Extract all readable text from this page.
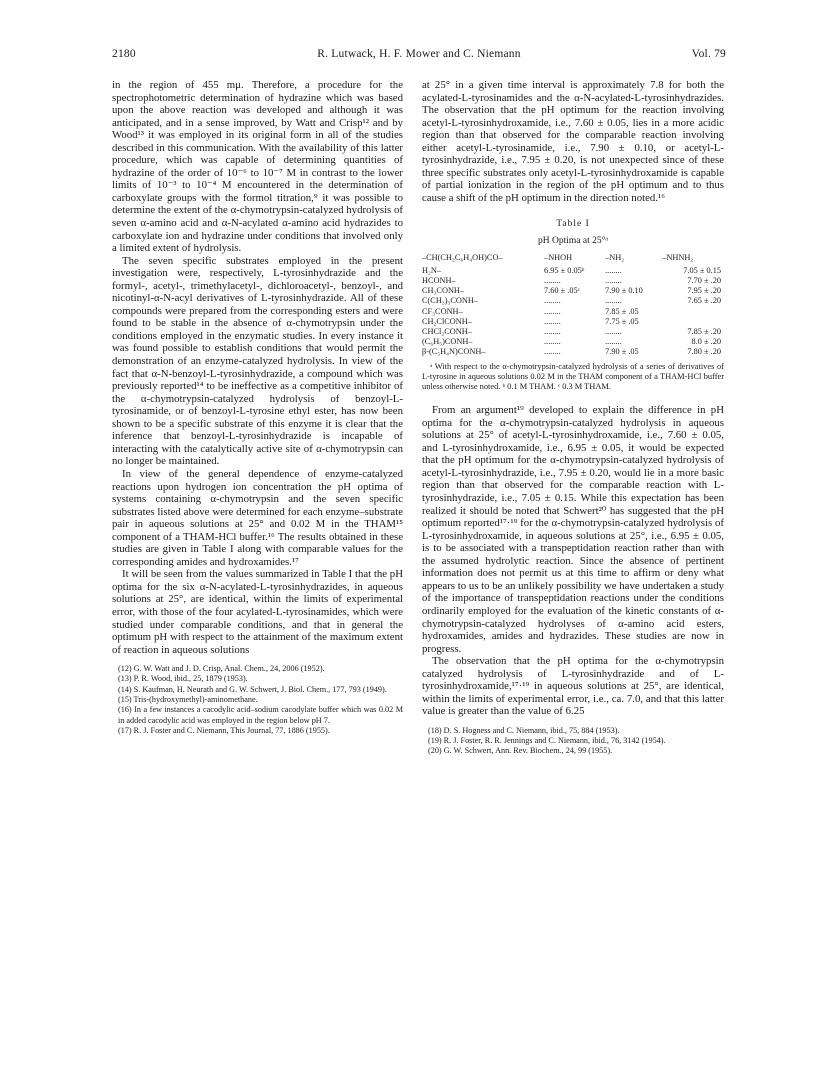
2180	R. Lutwack, H. F. Mower and C. Niemann	Vol. 79

in the region of 455 mμ. Therefore, a procedure for the spectrophotometric determination of hydrazine which was based upon the above reaction was developed and although it was anticipated, and in a sense improved, by Watt and Crisp¹² and by Wood¹³ it was employed in its original form in all of the studies described in this communication. With the availability of this latter procedure, which was capable of determining quantities of hydrazine of the order of 10⁻⁶ to 10⁻⁷ M in contrast to the lower limits of 10⁻³ to 10⁻⁴ M encountered in the determination of carboxylate groups with the formol titration,⁹ it was possible to determine the extent of the α-chymotrypsin-catalyzed hydrolysis of seven α-amino acid and α-N-acylated α-amino acid hydrazides to carboxylate ion and hydrazine under conditions that involved only a limited extent of hydrolysis.

The seven specific substrates employed in the present investigation were, respectively, L-tyrosinhydrazide and the formyl-, acetyl-, trimethylacetyl-, dichloroacetyl-, benzoyl-, and nicotinyl-α-N-acyl derivatives of L-tyrosinhydrazide. All of these compounds were prepared from the corresponding esters and were found to be stable in the absence of α-chymotrypsin under the conditions employed in the enzymatic studies. In every instance it was found possible to establish conditions that would permit the demonstration of an enzyme-catalyzed hydrolysis. In view of the fact that α-N-benzoyl-L-tyrosinhydrazide, a compound which was previously reported¹⁴ to be ineffective as a competitive inhibitor of the α-chymotrypsin-catalyzed hydrolysis of benzoyl-L-tyrosinamide, or of benzoyl-L-tyrosine ethyl ester, has now been shown to be a specific substrate of this enzyme it is clear that the inference that benzoyl-L-tyrosinhydrazide is incapable of interacting with the catalytically active site of α-chymotrypsin can no longer be maintained.

In view of the general dependence of enzyme-catalyzed reactions upon hydrogen ion concentration the pH optima of systems containing α-chymotrypsin and the seven specific substrates listed above were determined for each enzyme–substrate pair in aqueous solutions at 25° and 0.02 M in the THAM¹⁵ component of a THAM-HCl buffer.¹⁶ The results obtained in these studies are given in Table I along with comparable values for the corresponding amides and hydroxamides.¹⁷

It will be seen from the values summarized in Table I that the pH optima for the six α-N-acylated-L-tyrosinhydrazides, in aqueous solutions at 25°, are identical, within the limits of experimental error, with those of the four acylated-L-tyrosinamides, which were studied under comparable conditions, and that in general the optimum pH with respect to the attainment of the maximum extent of reaction in aqueous solutions

(12) G. W. Watt and J. D. Crisp, Anal. Chem., 24, 2006 (1952).
(13) P. R. Wood, ibid., 25, 1879 (1953).
(14) S. Kaufman, H. Neurath and G. W. Schwert, J. Biol. Chem., 177, 793 (1949).
(15) Tris-(hydroxymethyl)-aminomethane.
(16) In a few instances a cacodylic acid–sodium cacodylate buffer which was 0.02 M in added cacodylic acid was employed in the region below pH 7.
(17) R. J. Foster and C. Niemann, This Journal, 77, 1886 (1955).

at 25° in a given time interval is approximately 7.8 for both the acylated-L-tyrosinamides and the α-N-acylated-L-tyrosinhydrazides. The observation that the pH optimum for the reaction involving acetyl-L-tyrosinhydroxamide, i.e., 7.60 ± 0.05, lies in a more acidic region than that observed for the comparable reaction involving either acetyl-L-tyrosinamide, i.e., 7.90 ± 0.10, or acetyl-L-tyrosinhydrazide, i.e., 7.95 ± 0.20, is not unexpected since of these three specific substrates only acetyl-L-tyrosinhydroxamide is capable of partial ionization in the region of the pH optimum and to thus cause a shift of the pH optimum in the direction noted.¹⁶

Table I
pH Optima at 25°ᵃ
–CH(CH₂C₆H₄OH)CO–	–NHOH	–NH₂	–NHNH₂
H₂N–	6.95 ± 0.05ᵇ	........	7.05 ± 0.15
HCONH–	........	........	7.70 ± .20
CH₃CONH–	7.60 ± .05ᶜ	7.90 ± 0.10	7.95 ± .20
C(CH₃)₃CONH–	........	........	7.65 ± .20
CF₃CONH–	........	7.85 ± .05	
CH₂ClCONH–	........	7.75 ± .05	
CHCl₂CONH–	........	........	7.85 ± .20
(C₆H₅)CONH–	........	........	8.0 ± .20
β-(C₅H₄N)CONH–	........	7.90 ± .05	7.80 ± .20
ᵃ With respect to the α-chymotrypsin-catalyzed hydrolysis of a series of derivatives of L-tyrosine in aqueous solutions 0.02 M in the THAM component of a THAM-HCl buffer unless otherwise noted. ᵇ 0.1 M THAM. ᶜ 0.3 M THAM.

From an argument¹⁹ developed to explain the difference in pH optima for the α-chymotrypsin-catalyzed hydrolysis in aqueous solutions at 25° of acetyl-L-tyrosinhydroxamide, i.e., 7.60 ± 0.05, and L-tyrosinhydroxamide, i.e., 6.95 ± 0.05, it would be expected that the pH optimum for the α-chymotrypsin-catalyzed hydrolysis of acetyl-L-tyrosinhydrazide, i.e., 7.95 ± 0.20, would lie in a more basic region than that observed for the comparable reaction with L-tyrosinhydrazide, i.e., 7.05 ± 0.15. While this expectation has been realized it should be noted that Schwert²⁰ has suggested that the pH optimum reported¹⁷·¹⁹ for the α-chymotrypsin-catalyzed hydrolysis of L-tyrosinhydroxamide, in aqueous solutions at 25°, i.e., 6.95 ± 0.05, is to be associated with a transpeptidation reaction rather than with the assumed hydrolytic reaction. Since the absence of pertinent information does not permit us at this time to affirm or deny what appears to us to be an unlikely possibility we have undertaken a study of the importance of transpeptidation reactions under the conditions ordinarily employed for the evaluation of the kinetic constants of α-chymotrypsin-catalyzed hydrolyses of α-amino acid esters, hydroxamides, amides and hydrazides. These studies are now in progress.

The observation that the pH optima for the α-chymotrypsin catalyzed hydrolysis of L-tyrosinhydrazide and of L-tyrosinhydroxamide,¹⁷·¹⁹ in aqueous solutions at 25°, are identical, within the limits of experimental error, i.e., ca. 7.0, and that this latter value is greater than the value of 6.25

(18) D. S. Hogness and C. Niemann, ibid., 75, 884 (1953).
(19) R. J. Foster, R. R. Jennings and C. Niemann, ibid., 76, 3142 (1954).
(20) G. W. Schwert, Ann. Rev. Biochem., 24, 99 (1955).
